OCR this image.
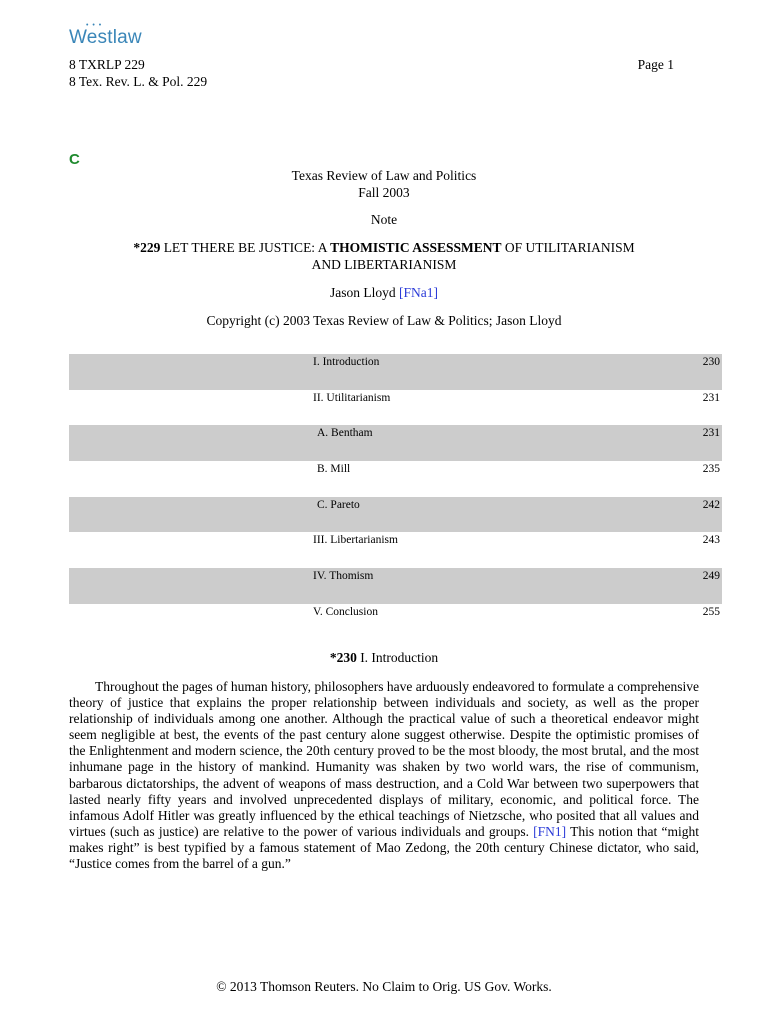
• • •
Westlaw
8 TXRLP 229
8 Tex. Rev. L. & Pol. 229
Page 1
C
Texas Review of Law and Politics
Fall 2003
Note
*229 LET THERE BE JUSTICE: A THOMISTIC ASSESSMENT OF UTILITARIANISM
AND LIBERTARIANISM
Jason Lloyd [FNa1]
Copyright (c) 2003 Texas Review of Law & Politics; Jason Lloyd
I. Introduction	230
II. Utilitarianism	231
A. Bentham	231
B. Mill	235
C. Pareto	242
III. Libertarianism	243
IV. Thomism	249
V. Conclusion	255
*230 I. Introduction

Throughout the pages of human history, philosophers have arduously endeavored to formulate a comprehensive theory of justice that explains the proper relationship between individuals and society, as well as the proper relationship of individuals among one another. Although the practical value of such a theoretical endeavor might seem negligible at best, the events of the past century alone suggest otherwise. Despite the optimistic promises of the Enlightenment and modern science, the 20th century proved to be the most bloody, the most brutal, and the most inhumane page in the history of mankind. Humanity was shaken by two world wars, the rise of communism, barbarous dictatorships, the advent of weapons of mass destruction, and a Cold War between two superpowers that lasted nearly fifty years and involved unprecedented displays of military, economic, and political force. The infamous Adolf Hitler was greatly influenced by the ethical teachings of Nietzsche, who posited that all values and virtues (such as justice) are relative to the power of various individuals and groups. [FN1] This notion that “might makes right” is best typified by a famous statement of Mao Zedong, the 20th century Chinese dictator, who said, “Justice comes from the barrel of a gun.”

© 2013 Thomson Reuters. No Claim to Orig. US Gov. Works.
